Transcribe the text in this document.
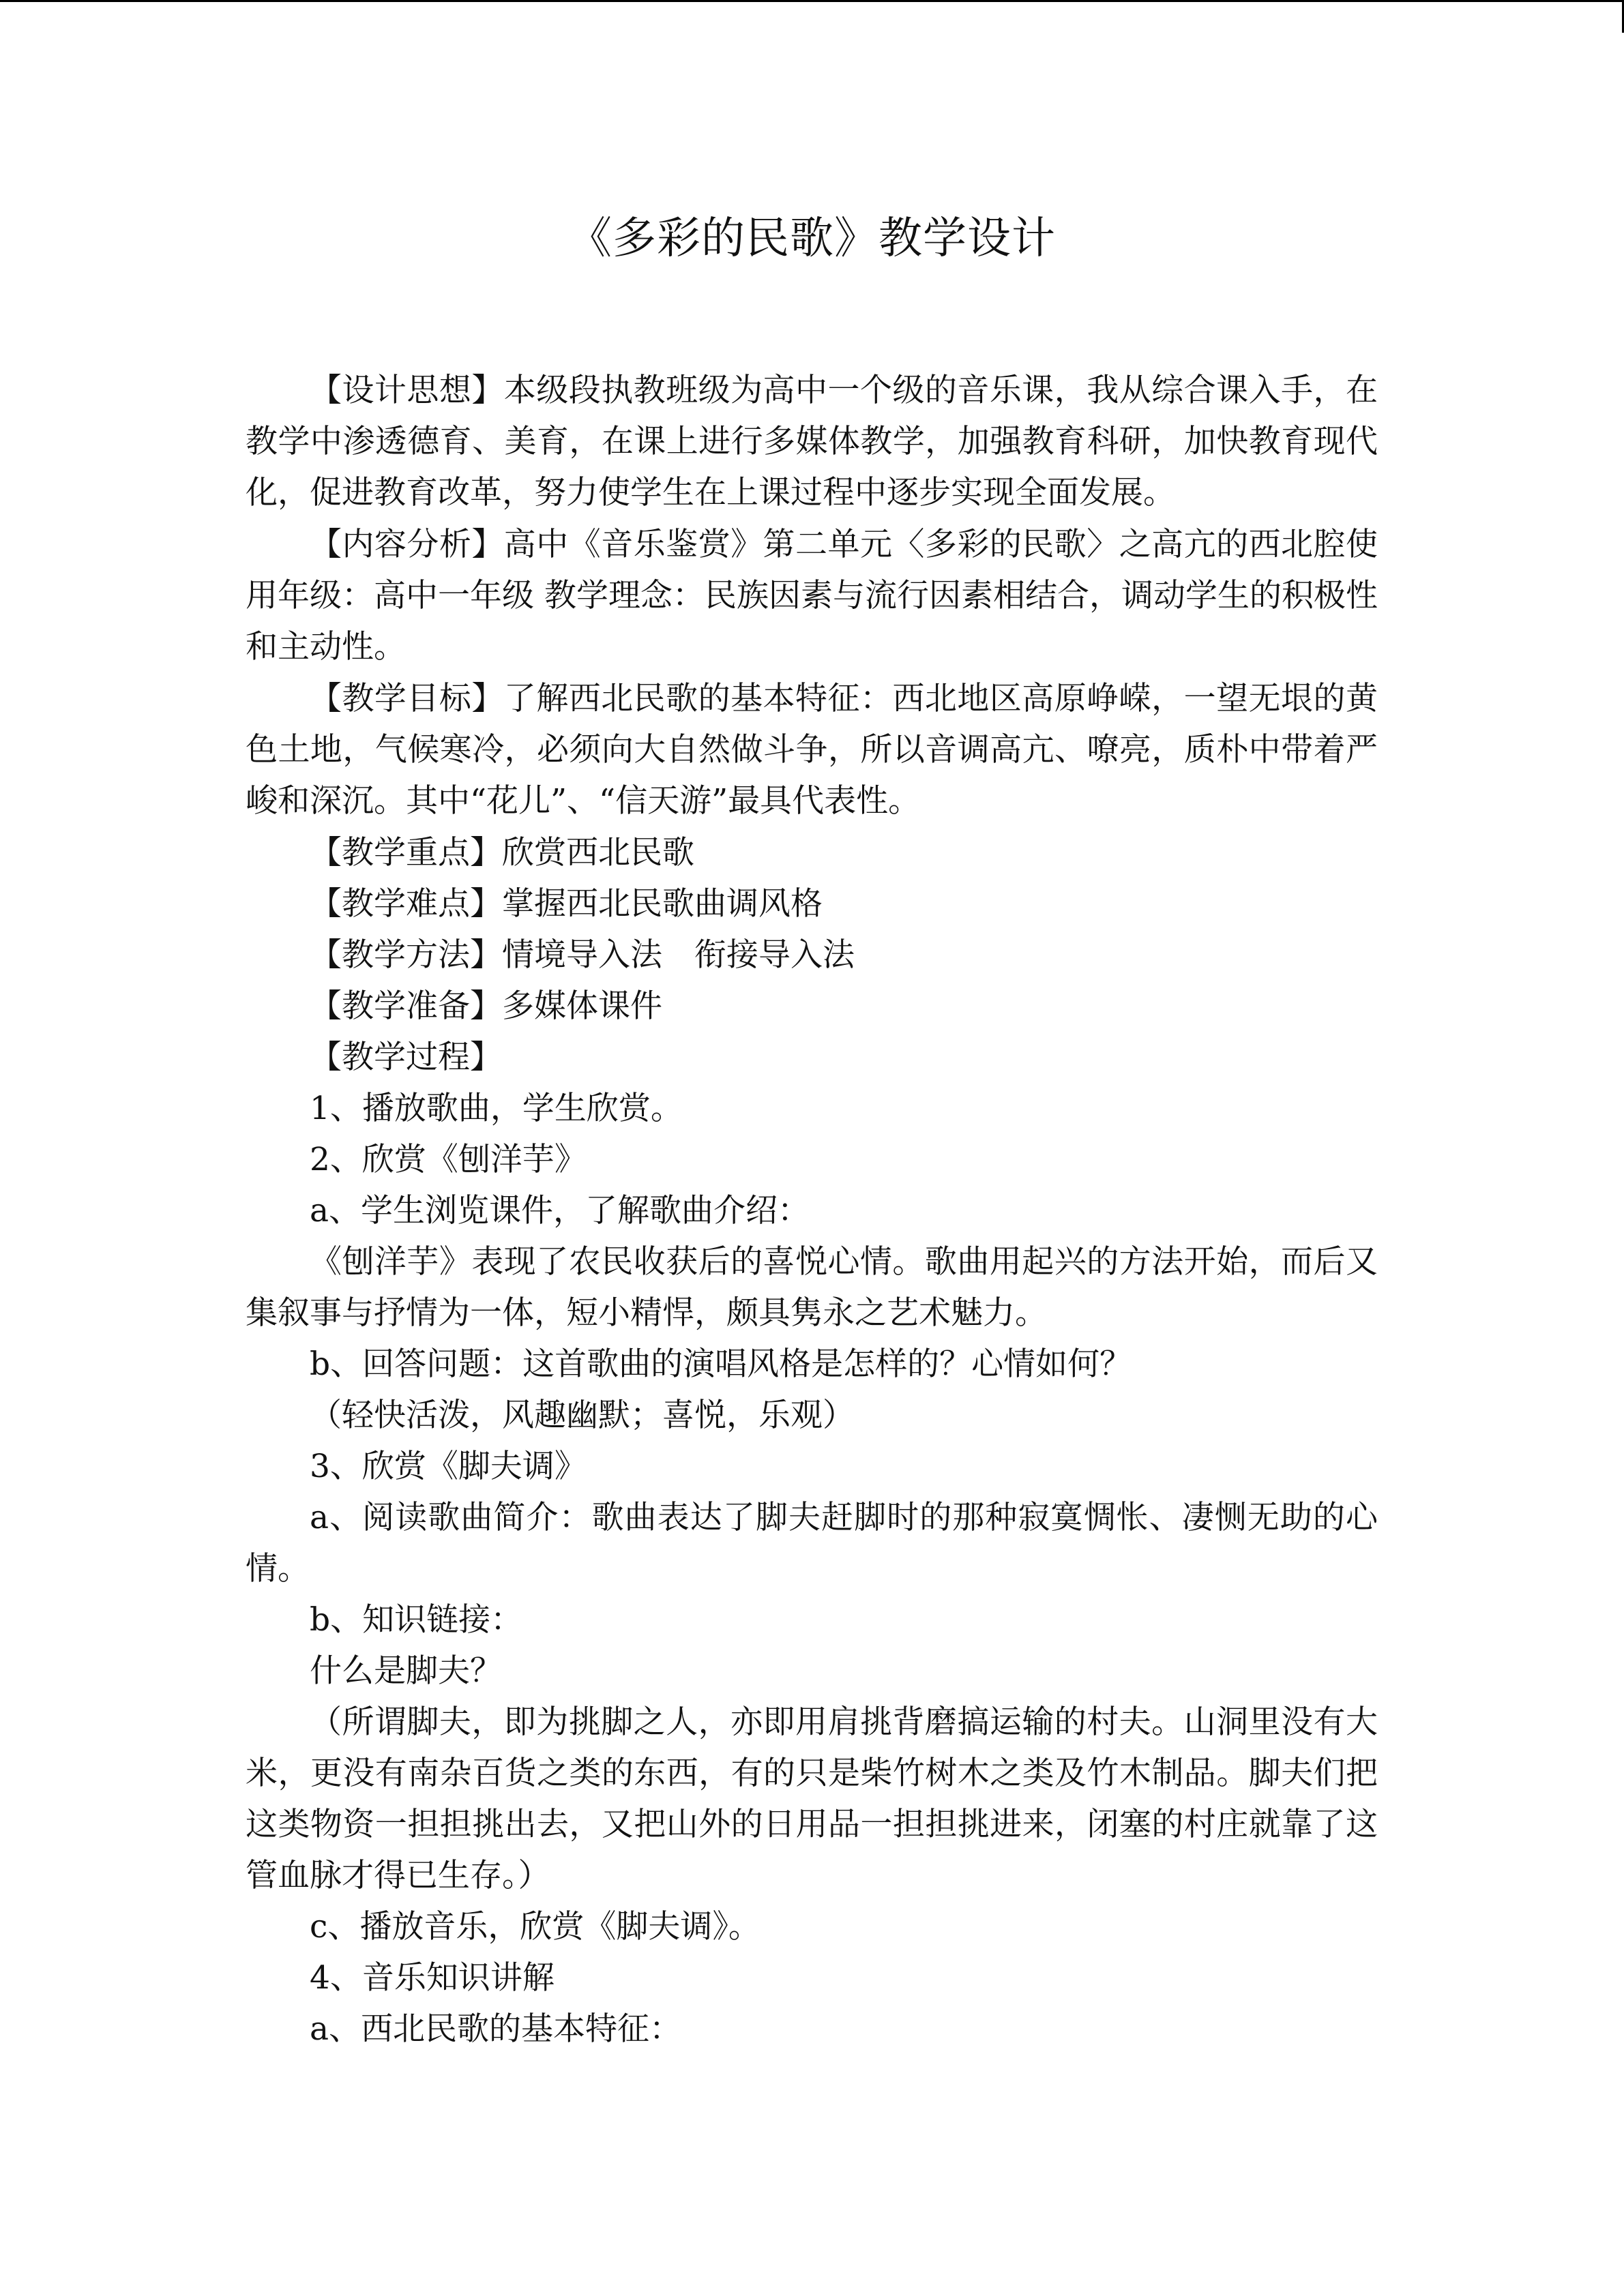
《多彩的民歌》教学设计

【设计思想】本级段执教班级为高中一个级的音乐课，我从综合课入手，在教学中渗透德育、美育，在课上进行多媒体教学，加强教育科研，加快教育现代化，促进教育改革，努力使学生在上课过程中逐步实现全面发展。

【内容分析】高中《音乐鉴赏》第二单元〈多彩的民歌〉之高亢的西北腔使用年级：高中一年级 教学理念：民族因素与流行因素相结合，调动学生的积极性和主动性。

【教学目标】了解西北民歌的基本特征：西北地区高原峥嵘，一望无垠的黄色土地，气候寒冷，必须向大自然做斗争，所以音调高亢、嘹亮，质朴中带着严峻和深沉。其中“花儿”、“信天游”最具代表性。

【教学重点】欣赏西北民歌

【教学难点】掌握西北民歌曲调风格

【教学方法】情境导入法　衔接导入法

【教学准备】多媒体课件

【教学过程】

1、播放歌曲，学生欣赏。

2、欣赏《刨洋芋》

a、学生浏览课件，了解歌曲介绍：

《刨洋芋》表现了农民收获后的喜悦心情。歌曲用起兴的方法开始，而后又集叙事与抒情为一体，短小精悍，颇具隽永之艺术魅力。

b、回答问题：这首歌曲的演唱风格是怎样的？心情如何？

（轻快活泼，风趣幽默；喜悦，乐观）

3、欣赏《脚夫调》

a、阅读歌曲简介：歌曲表达了脚夫赶脚时的那种寂寞惆怅、凄恻无助的心情。

b、知识链接：

什么是脚夫？

（所谓脚夫，即为挑脚之人，亦即用肩挑背磨搞运输的村夫。山洞里没有大米，更没有南杂百货之类的东西，有的只是柴竹树木之类及竹木制品。脚夫们把这类物资一担担挑出去，又把山外的日用品一担担挑进来，闭塞的村庄就靠了这管血脉才得已生存。）

c、播放音乐，欣赏《脚夫调》。

4、音乐知识讲解

a、西北民歌的基本特征：
